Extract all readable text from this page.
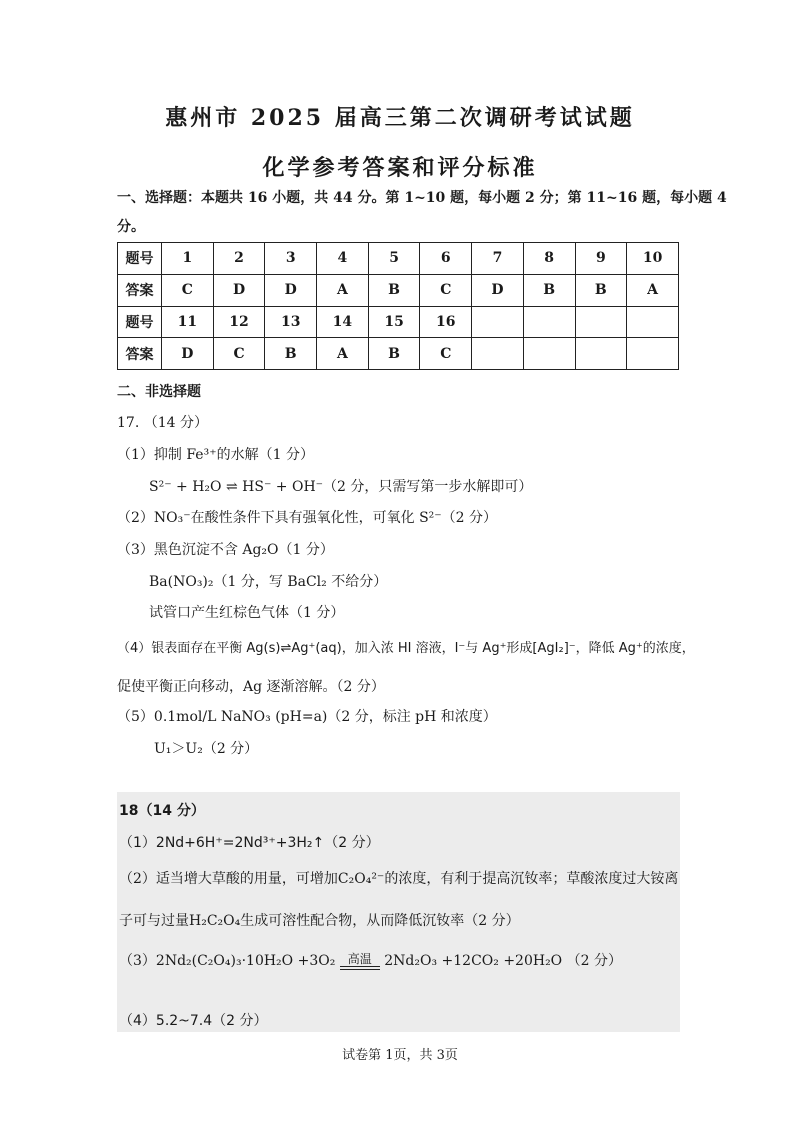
惠州市 2025 届高三第二次调研考试试题
化学参考答案和评分标准
一、选择题：本题共 16 小题，共 44 分。第 1~10 题，每小题 2 分；第 11~16 题，每小题 4
分。
题号	1	2	3	4	5	6	7	8	9	10
答案	C	D	D	A	B	C	D	B	B	A
题号	11	12	13	14	15	16				
答案	D	C	B	A	B	C				
二、非选择题
17. （14 分）
（1）抑制 Fe³⁺的水解（1 分）
S²⁻ + H₂O ⇌ HS⁻ + OH⁻（2 分，只需写第一步水解即可）
（2）NO₃⁻在酸性条件下具有强氧化性，可氧化 S²⁻（2 分）
（3）黑色沉淀不含 Ag₂O（1 分）
Ba(NO₃)₂（1 分，写 BaCl₂ 不给分）
试管口产生红棕色气体（1 分）
（4）银表面存在平衡 Ag(s)⇌Ag⁺(aq)，加入浓 HI 溶液，I⁻与 Ag⁺形成[AgI₂]⁻，降低 Ag⁺的浓度，
促使平衡正向移动，Ag 逐渐溶解。（2 分）
（5）0.1mol/L NaNO₃ (pH=a)（2 分，标注 pH 和浓度）
U₁＞U₂（2 分）
18（14 分）
（1）2Nd+6H⁺=2Nd³⁺+3H₂↑（2 分）
（2）适当增大草酸的用量，可增加C₂O₄²⁻的浓度，有利于提高沉钕率；草酸浓度过大铵离
子可与过量H₂C₂O₄生成可溶性配合物，从而降低沉钕率（2 分）
（3）2Nd₂(C₂O₄)₃·10H₂O +3O₂	高温 2Nd₂O₃ +12CO₂ +20H₂O （2 分）
（4）5.2~7.4（2 分）
试卷第 1页，共 3页
